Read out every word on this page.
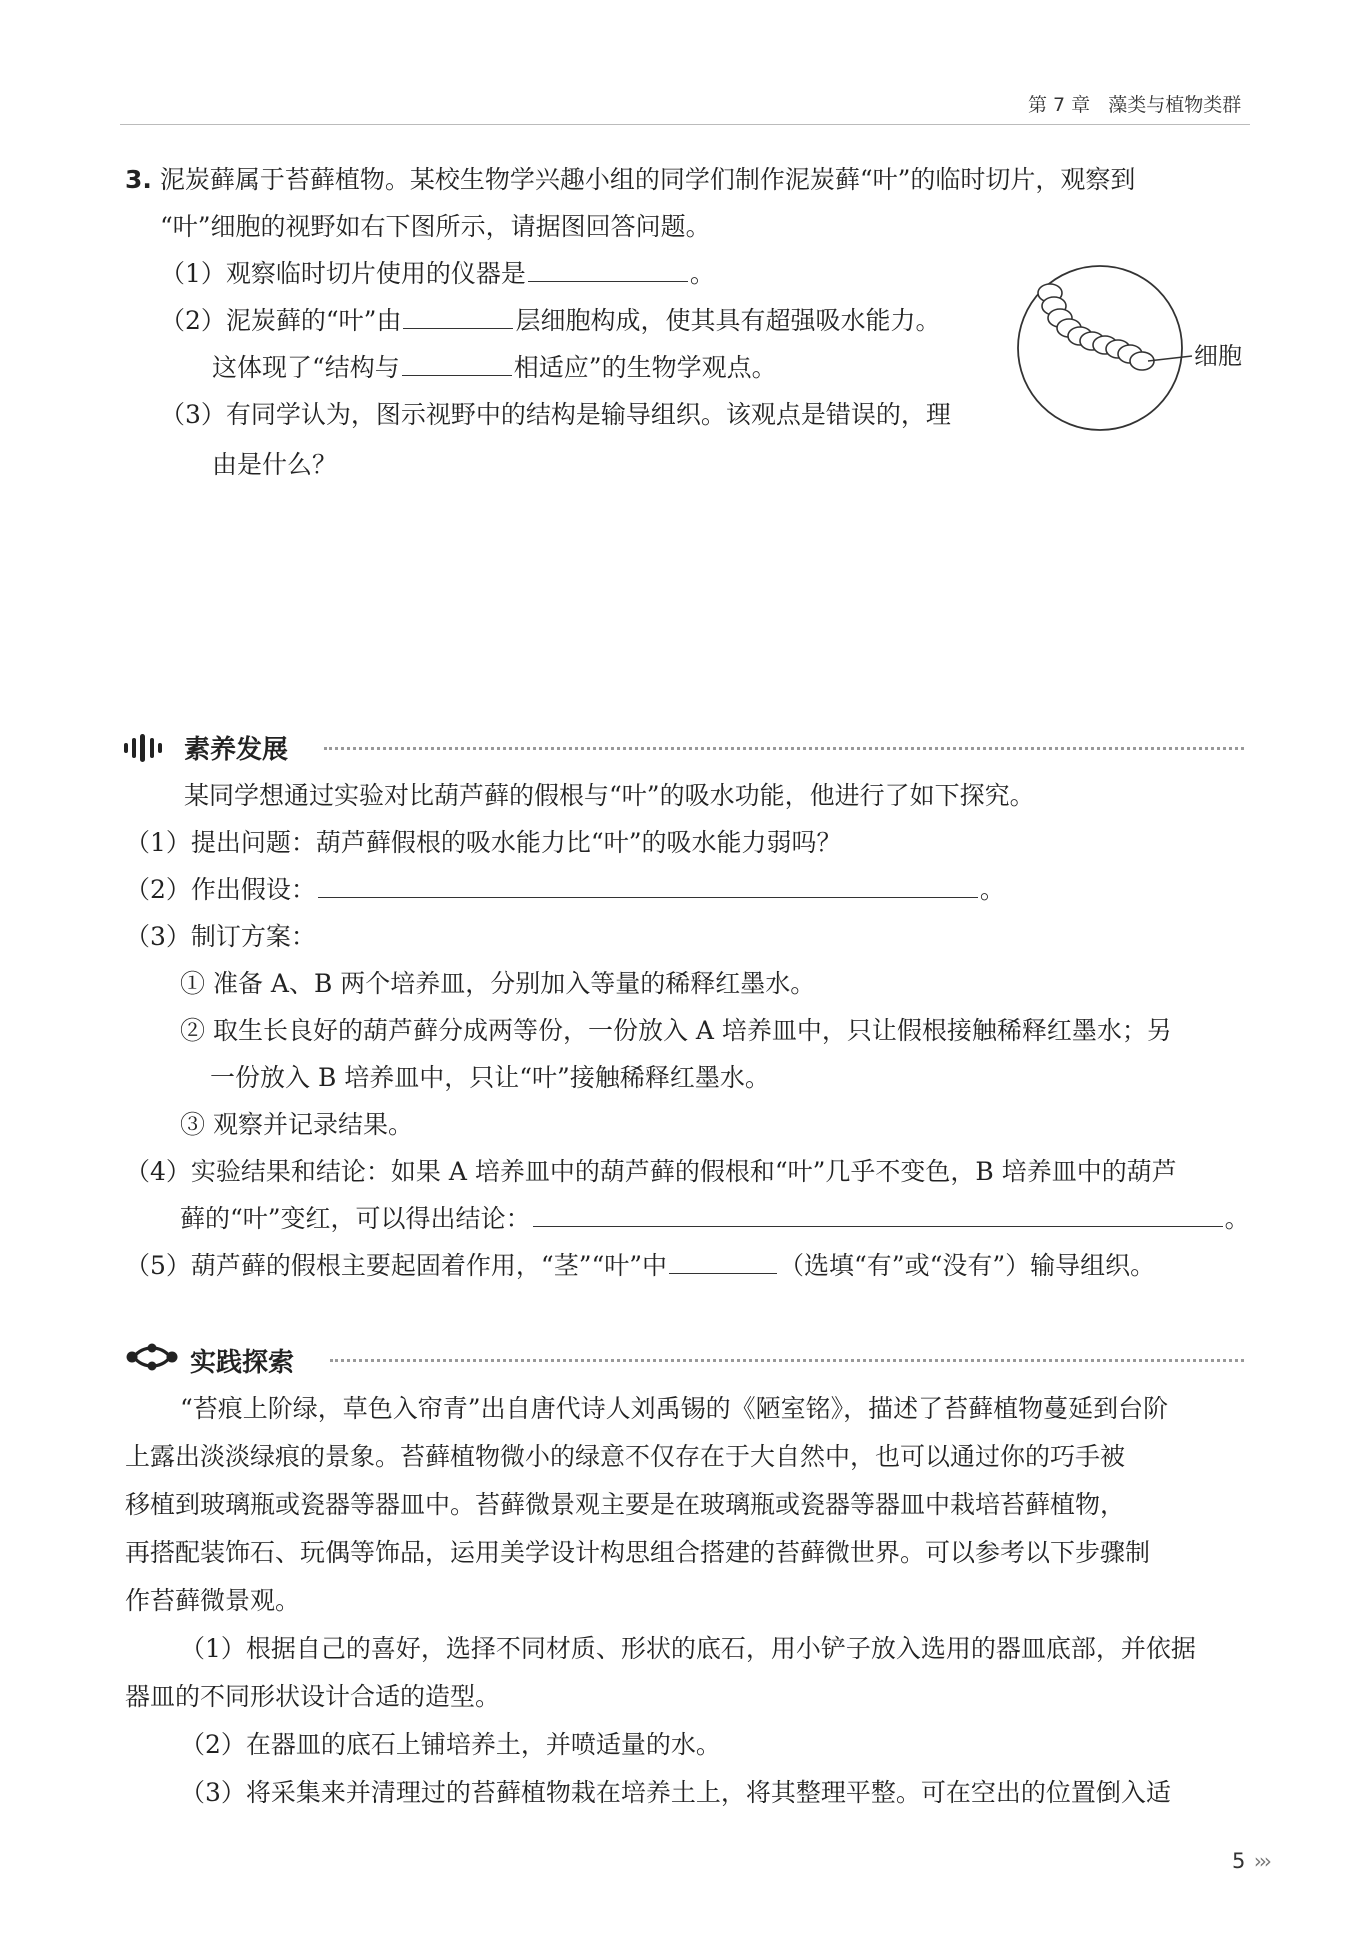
第 7 章 藻类与植物类群
3. 泥炭藓属于苔藓植物。某校生物学兴趣小组的同学们制作泥炭藓“叶”的临时切片，观察到
“叶”细胞的视野如右下图所示，请据图回答问题。
（1）观察临时切片使用的仪器是	。
（2）泥炭藓的“叶”由	层细胞构成，使其具有超强吸水能力。
这体现了“结构与	相适应”的生物学观点。
（3）有同学认为，图示视野中的结构是输导组织。该观点是错误的，理
由是什么？
细胞
素养发展
某同学想通过实验对比葫芦藓的假根与“叶”的吸水功能，他进行了如下探究。
（1）提出问题：葫芦藓假根的吸水能力比“叶”的吸水能力弱吗？
（2）作出假设：	。
（3）制订方案：
① 准备 A、B 两个培养皿，分别加入等量的稀释红墨水。
② 取生长良好的葫芦藓分成两等份，一份放入 A 培养皿中，只让假根接触稀释红墨水；另
一份放入 B 培养皿中，只让“叶”接触稀释红墨水。
③ 观察并记录结果。
（4）实验结果和结论：如果 A 培养皿中的葫芦藓的假根和“叶”几乎不变色，B 培养皿中的葫芦
藓的“叶”变红，可以得出结论：	。
（5）葫芦藓的假根主要起固着作用，“茎”“叶”中	（选填“有”或“没有”）输导组织。
实践探索
“苔痕上阶绿，草色入帘青”出自唐代诗人刘禹锡的《陋室铭》，描述了苔藓植物蔓延到台阶
上露出淡淡绿痕的景象。苔藓植物微小的绿意不仅存在于大自然中，也可以通过你的巧手被
移植到玻璃瓶或瓷器等器皿中。苔藓微景观主要是在玻璃瓶或瓷器等器皿中栽培苔藓植物，
再搭配装饰石、玩偶等饰品，运用美学设计构思组合搭建的苔藓微世界。可以参考以下步骤制
作苔藓微景观。
（1）根据自己的喜好，选择不同材质、形状的底石，用小铲子放入选用的器皿底部，并依据
器皿的不同形状设计合适的造型。
（2）在器皿的底石上铺培养土，并喷适量的水。
（3）将采集来并清理过的苔藓植物栽在培养土上，将其整理平整。可在空出的位置倒入适
5  ›››
